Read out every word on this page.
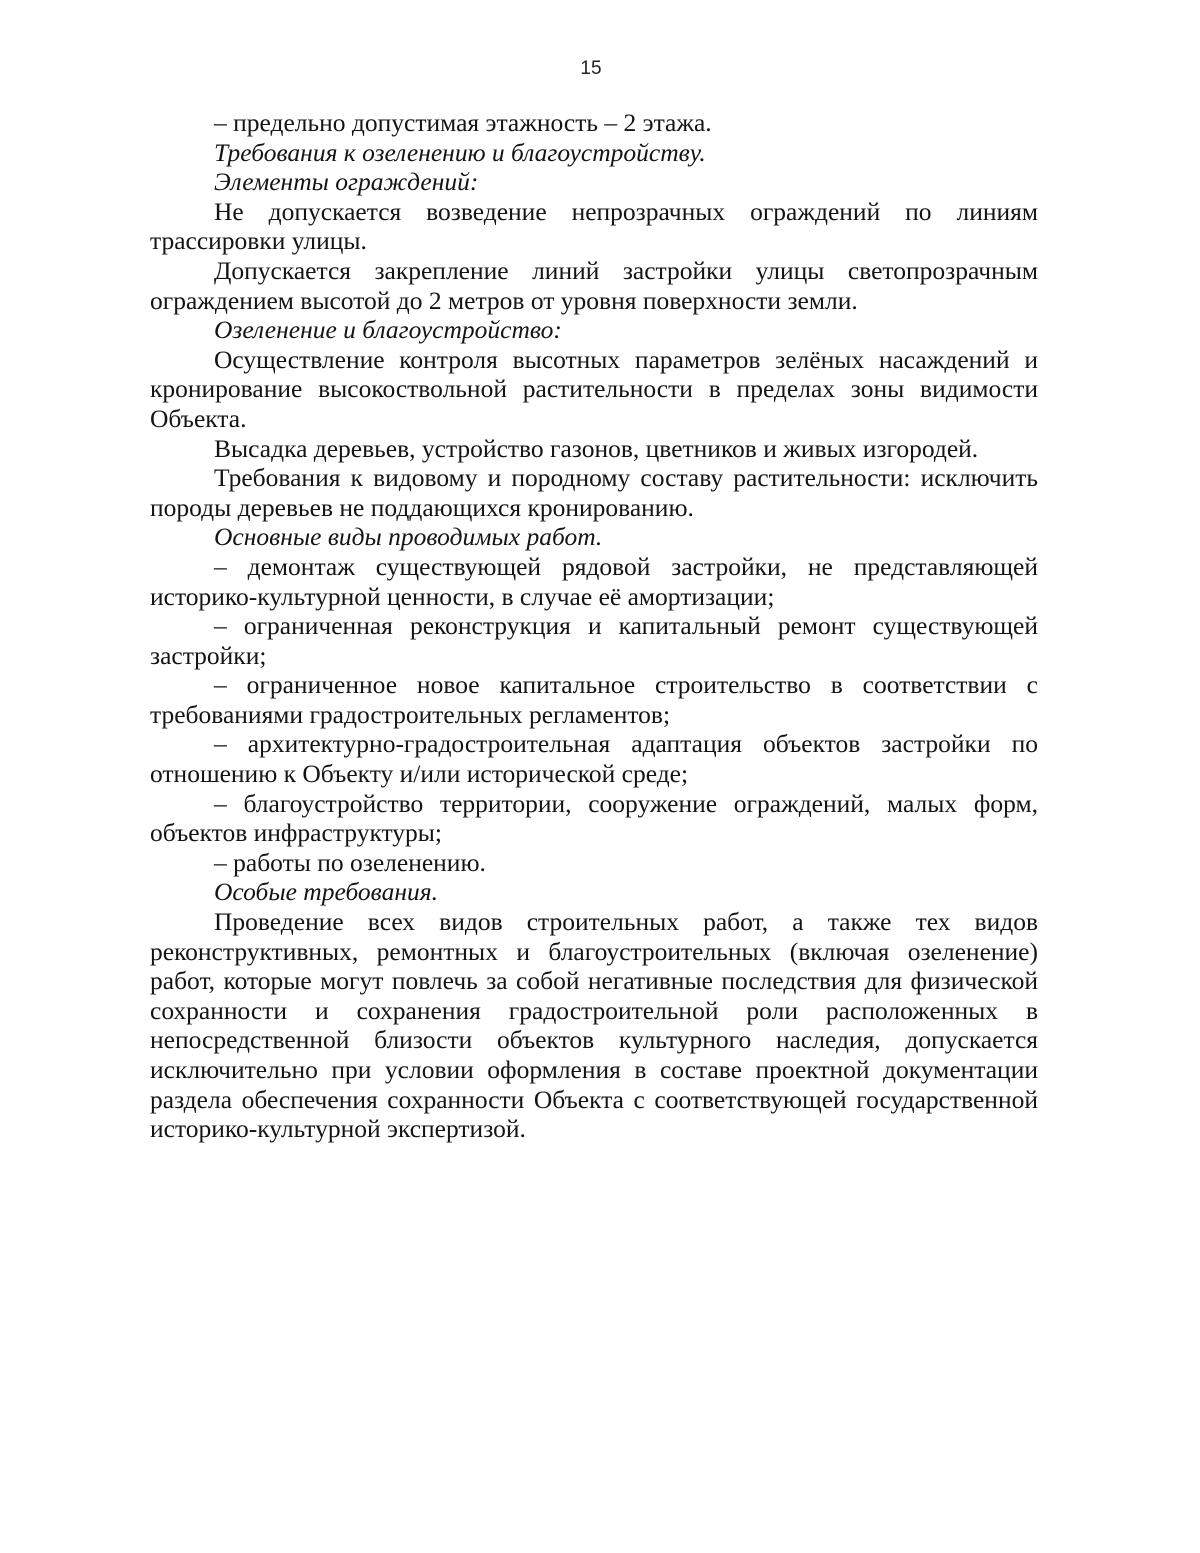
15

– предельно допустимая этажность – 2 этажа.

Требования к озеленению и благоустройству.

Элементы ограждений:

Не допускается возведение непрозрачных ограждений по линиям трассировки улицы.

Допускается закрепление линий застройки улицы светопрозрачным ограждением высотой до 2 метров от уровня поверхности земли.

Озеленение и благоустройство:

Осуществление контроля высотных параметров зелёных насаждений и кронирование высокоствольной растительности в пределах зоны видимости Объекта.

Высадка деревьев, устройство газонов, цветников и живых изгородей.

Требования к видовому и породному составу растительности: исключить породы деревьев не поддающихся кронированию.

Основные виды проводимых работ.

– демонтаж существующей рядовой застройки, не представляющей историко-культурной ценности, в случае её амортизации;

– ограниченная реконструкция и капитальный ремонт существующей застройки;

– ограниченное новое капитальное строительство в соответствии с требованиями градостроительных регламентов;

– архитектурно-градостроительная адаптация объектов застройки по отношению к Объекту и/или исторической среде;

– благоустройство территории, сооружение ограждений, малых форм, объектов инфраструктуры;

– работы по озеленению.

Особые требования.

Проведение всех видов строительных работ, а также тех видов реконструктивных, ремонтных и благоустроительных (включая озеленение) работ, которые могут повлечь за собой негативные последствия для физической сохранности и сохранения градостроительной роли расположенных в непосредственной близости объектов культурного наследия, допускается исключительно при условии оформления в составе проектной документации раздела обеспечения сохранности Объекта с соответствующей государственной историко-культурной экспертизой.
